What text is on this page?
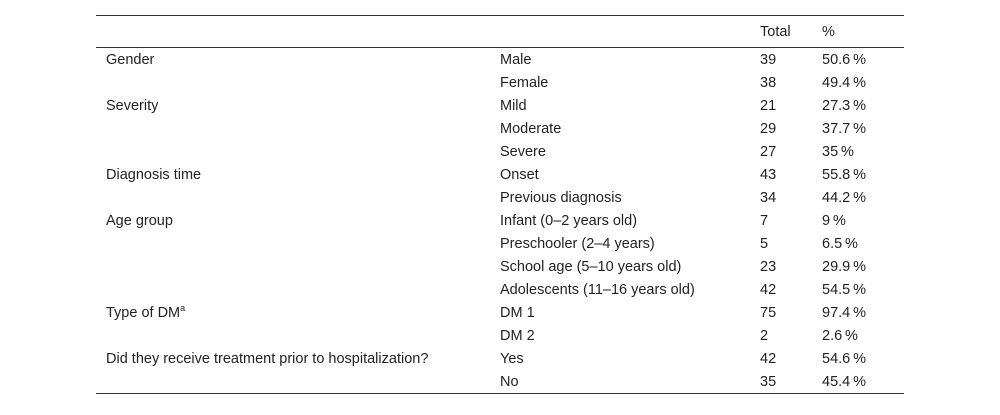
		Total	%
Gender	Male	39	50.6 %
	Female	38	49.4 %
Severity	Mild	21	27.3 %
	Moderate	29	37.7 %
	Severe	27	35 %
Diagnosis time	Onset	43	55.8 %
	Previous diagnosis	34	44.2 %
Age group	Infant (0–2 years old)	7	9 %
	Preschooler (2–4 years)	5	6.5 %
	School age (5–10 years old)	23	29.9 %
	Adolescents (11–16 years old)	42	54.5 %
Type of $DM^a$	DM 1	75	97.4 %
	DM 2	2	2.6 %
Did they receive treatment prior to hospitalization?	Yes	42	54.6 %
	No	35	45.4 %
